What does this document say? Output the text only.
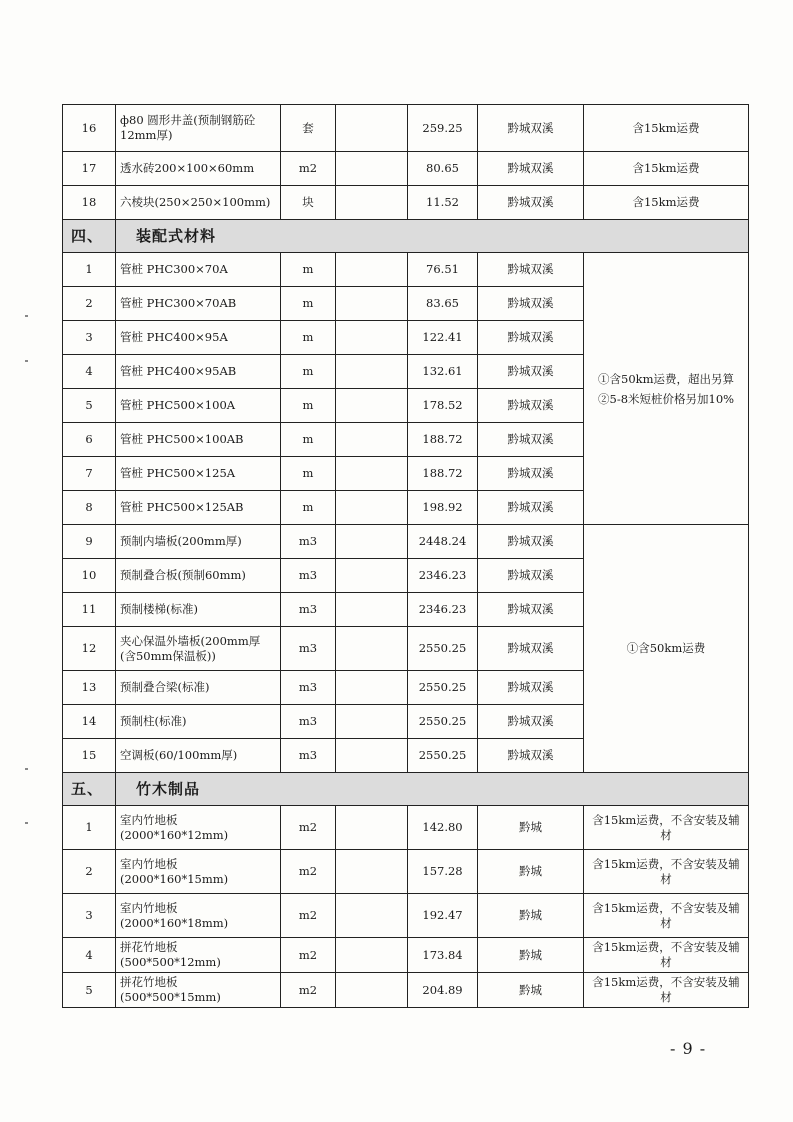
16	ф80 圆形井盖(预制钢筋砼12mm厚)	套		259.25	黔城双溪	含15km运费
17	透水砖200×100×60mm	m2		80.65	黔城双溪	含15km运费
18	六棱块(250×250×100mm)	块		11.52	黔城双溪	含15km运费
四、	装配式材料					
1	管桩 PHC300×70A	m		76.51	黔城双溪	①含50km运费，超出另算
②5-8米短桩价格另加10%

2	管桩 PHC300×70AB	m		83.65	黔城双溪	
3	管桩 PHC400×95A	m		122.41	黔城双溪	
4	管桩 PHC400×95AB	m		132.61	黔城双溪	
5	管桩 PHC500×100A	m		178.52	黔城双溪	
6	管桩 PHC500×100AB	m		188.72	黔城双溪	
7	管桩 PHC500×125A	m		188.72	黔城双溪	
8	管桩 PHC500×125AB	m		198.92	黔城双溪	
9	预制内墙板(200mm厚)	m3		2448.24	黔城双溪	①含50km运费
10	预制叠合板(预制60mm)	m3		2346.23	黔城双溪	
11	预制楼梯(标准)	m3		2346.23	黔城双溪	
12	夹心保温外墙板(200mm厚(含50mm保温板))	m3		2550.25	黔城双溪	
13	预制叠合梁(标准)	m3		2550.25	黔城双溪	
14	预制柱(标准)	m3		2550.25	黔城双溪	
15	空调板(60/100mm厚)	m3		2550.25	黔城双溪	
五、	竹木制品					
1	室内竹地板(2000*160*12mm)	m2		142.80	黔城	含15km运费，不含安装及辅材
2	室内竹地板(2000*160*15mm)	m2		157.28	黔城	含15km运费，不含安装及辅材
3	室内竹地板(2000*160*18mm)	m2		192.47	黔城	含15km运费，不含安装及辅材
4	拼花竹地板(500*500*12mm)	m2		173.84	黔城	含15km运费，不含安装及辅材
5	拼花竹地板(500*500*15mm)	m2		204.89	黔城	含15km运费，不含安装及辅材
- 9 -
